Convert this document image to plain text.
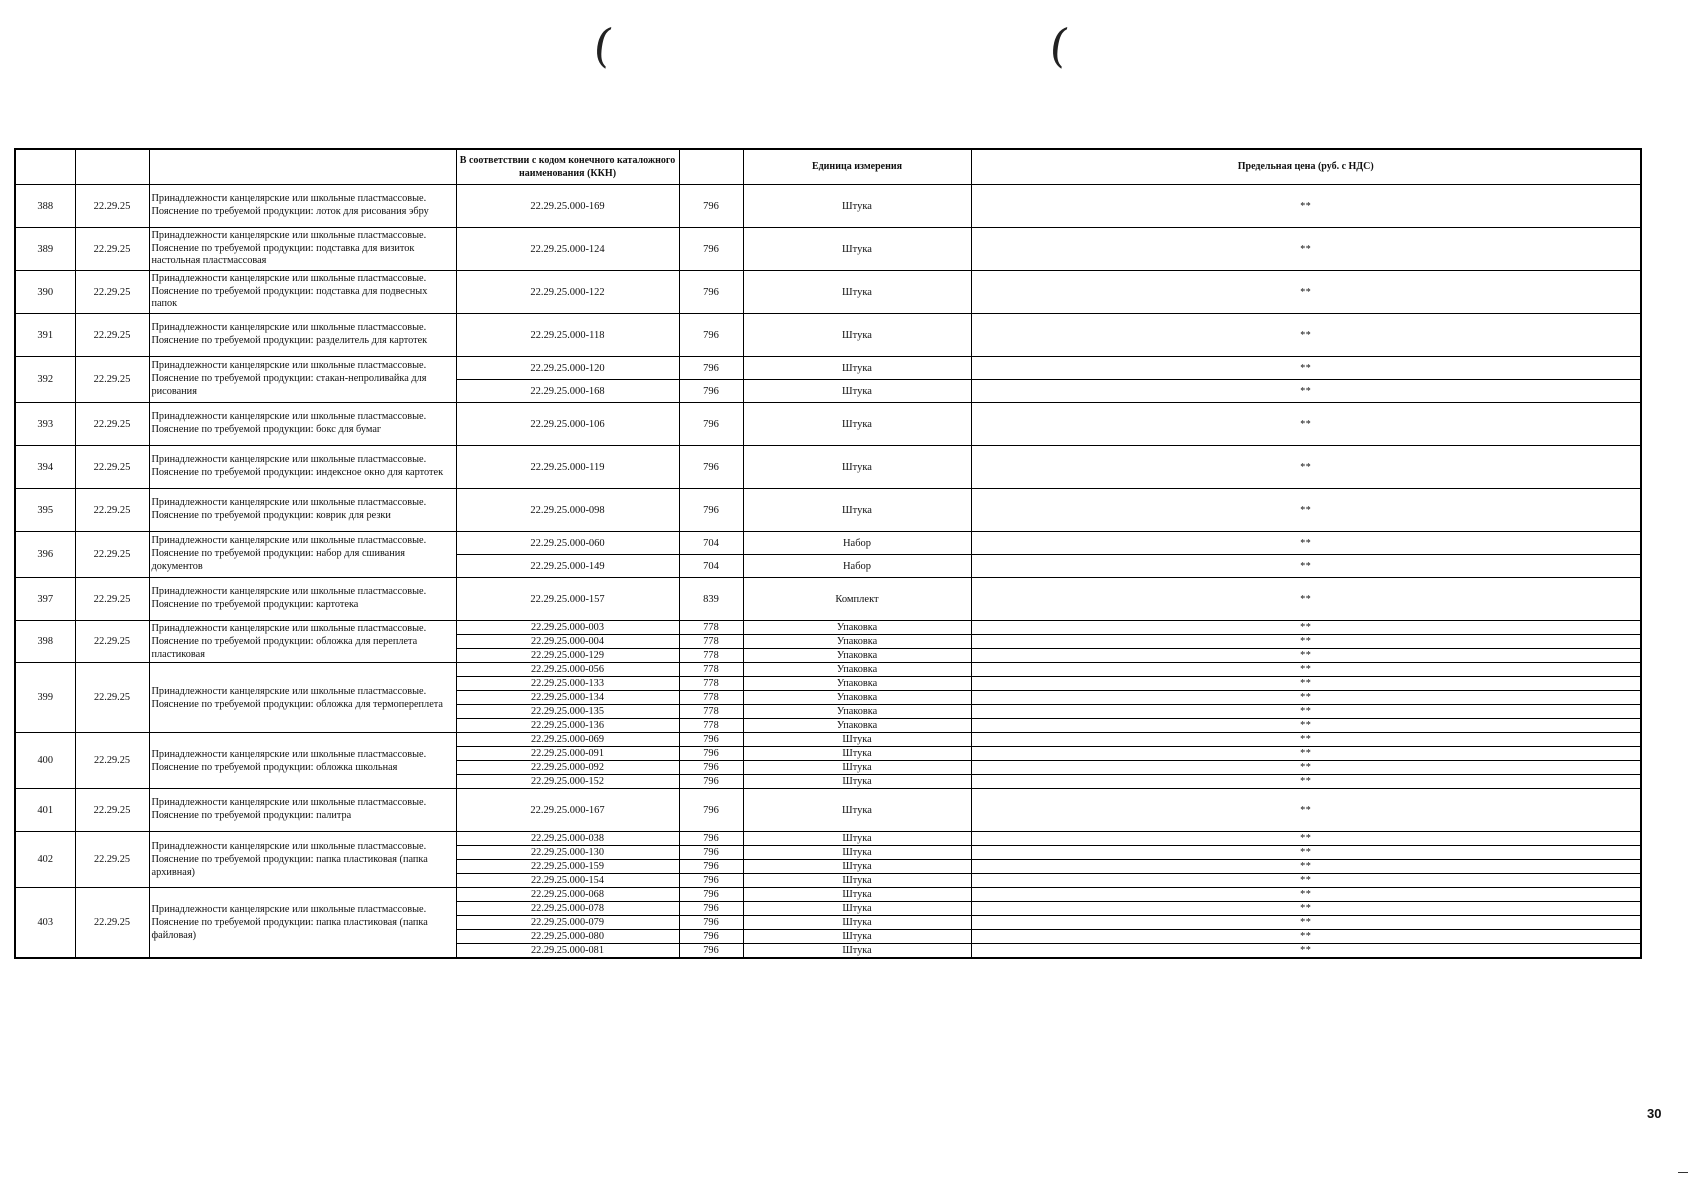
(	(
			В соответствии с кодом конечного каталожного наименования (ККН)		Единица измерения	Предельная цена (руб. с НДС)
388	22.29.25	Принадлежности канцелярские или школьные пластмассовые. Пояснение по требуемой продукции: лоток для рисования эбру	22.29.25.000-169	796	Штука	**
389	22.29.25	Принадлежности канцелярские или школьные пластмассовые. Пояснение по требуемой продукции: подставка для визиток настольная пластмассовая	22.29.25.000-124	796	Штука	**
390	22.29.25	Принадлежности канцелярские или школьные пластмассовые. Пояснение по требуемой продукции: подставка для подвесных папок	22.29.25.000-122	796	Штука	**
391	22.29.25	Принадлежности канцелярские или школьные пластмассовые. Пояснение по требуемой продукции: разделитель для картотек	22.29.25.000-118	796	Штука	**
392	22.29.25	Принадлежности канцелярские или школьные пластмассовые. Пояснение по требуемой продукции: стакан-непроливайка для рисования	22.29.25.000-120	796	Штука	**
			22.29.25.000-168	796	Штука	**
393	22.29.25	Принадлежности канцелярские или школьные пластмассовые. Пояснение по требуемой продукции: бокс для бумаг	22.29.25.000-106	796	Штука	**
394	22.29.25	Принадлежности канцелярские или школьные пластмассовые. Пояснение по требуемой продукции: индексное окно для картотек	22.29.25.000-119	796	Штука	**
395	22.29.25	Принадлежности канцелярские или школьные пластмассовые. Пояснение по требуемой продукции: коврик для резки	22.29.25.000-098	796	Штука	**
396	22.29.25	Принадлежности канцелярские или школьные пластмассовые. Пояснение по требуемой продукции: набор для сшивания документов	22.29.25.000-060	704	Набор	**
			22.29.25.000-149	704	Набор	**
397	22.29.25	Принадлежности канцелярские или школьные пластмассовые. Пояснение по требуемой продукции: картотека	22.29.25.000-157	839	Комплект	**
398	22.29.25	Принадлежности канцелярские или школьные пластмассовые. Пояснение по требуемой продукции: обложка для переплета пластиковая	22.29.25.000-003	778	Упаковка	**
			22.29.25.000-004	778	Упаковка	**
			22.29.25.000-129	778	Упаковка	**
399	22.29.25	Принадлежности канцелярские или школьные пластмассовые. Пояснение по требуемой продукции: обложка для термопереплета	22.29.25.000-056	778	Упаковка	**
			22.29.25.000-133	778	Упаковка	**
			22.29.25.000-134	778	Упаковка	**
			22.29.25.000-135	778	Упаковка	**
			22.29.25.000-136	778	Упаковка	**
400	22.29.25	Принадлежности канцелярские или школьные пластмассовые. Пояснение по требуемой продукции: обложка школьная	22.29.25.000-069	796	Штука	**
			22.29.25.000-091	796	Штука	**
			22.29.25.000-092	796	Штука	**
			22.29.25.000-152	796	Штука	**
401	22.29.25	Принадлежности канцелярские или школьные пластмассовые. Пояснение по требуемой продукции: палитра	22.29.25.000-167	796	Штука	**
402	22.29.25	Принадлежности канцелярские или школьные пластмассовые. Пояснение по требуемой продукции: папка пластиковая (папка архивная)	22.29.25.000-038	796	Штука	**
			22.29.25.000-130	796	Штука	**
			22.29.25.000-159	796	Штука	**
			22.29.25.000-154	796	Штука	**
403	22.29.25	Принадлежности канцелярские или школьные пластмассовые. Пояснение по требуемой продукции: папка пластиковая (папка файловая)	22.29.25.000-068	796	Штука	**
			22.29.25.000-078	796	Штука	**
			22.29.25.000-079	796	Штука	**
			22.29.25.000-080	796	Штука	**
			22.29.25.000-081	796	Штука	**
30
